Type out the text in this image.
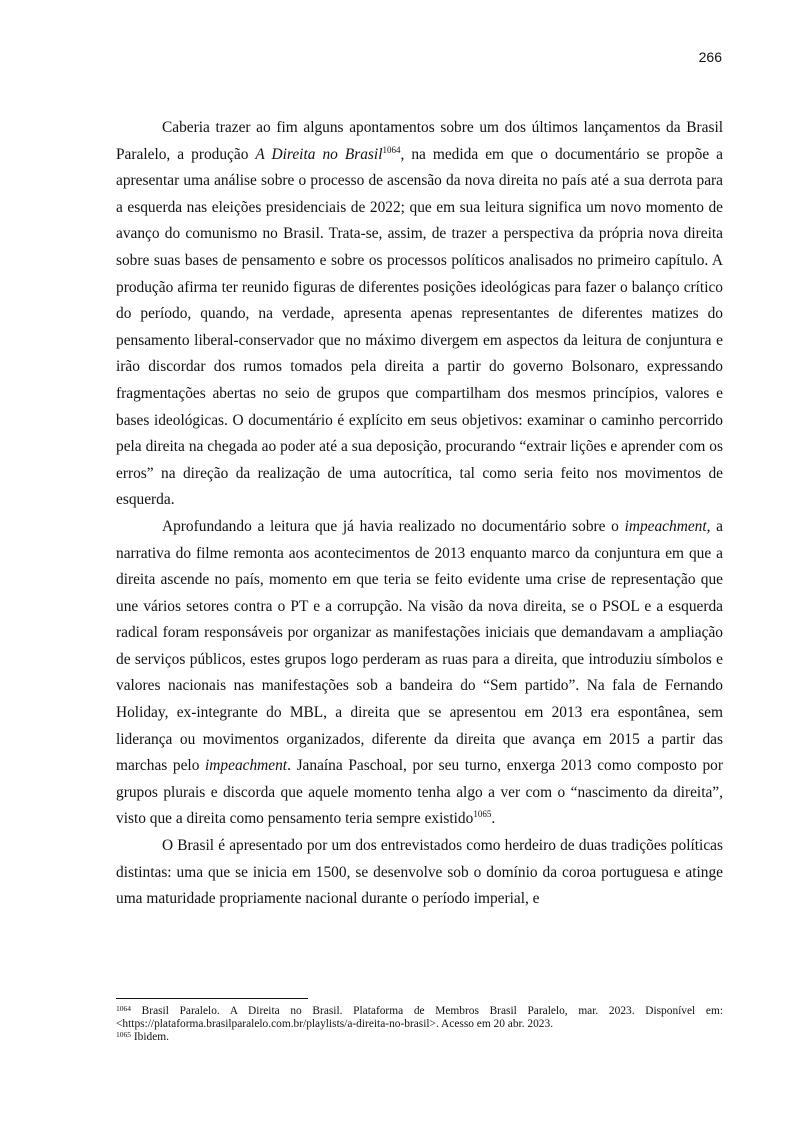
266

Caberia trazer ao fim alguns apontamentos sobre um dos últimos lançamentos da Brasil Paralelo, a produção A Direita no Brasil$^{1064}$, na medida em que o documentário se propõe a apresentar uma análise sobre o processo de ascensão da nova direita no país até a sua derrota para a esquerda nas eleições presidenciais de 2022; que em sua leitura significa um novo momento de avanço do comunismo no Brasil. Trata-se, assim, de trazer a perspectiva da própria nova direita sobre suas bases de pensamento e sobre os processos políticos analisados no primeiro capítulo. A produção afirma ter reunido figuras de diferentes posições ideológicas para fazer o balanço crítico do período, quando, na verdade, apresenta apenas representantes de diferentes matizes do pensamento liberal-conservador que no máximo divergem em aspectos da leitura de conjuntura e irão discordar dos rumos tomados pela direita a partir do governo Bolsonaro, expressando fragmentações abertas no seio de grupos que compartilham dos mesmos princípios, valores e bases ideológicas. O documentário é explícito em seus objetivos: examinar o caminho percorrido pela direita na chegada ao poder até a sua deposição, procurando “extrair lições e aprender com os erros” na direção da realização de uma autocrítica, tal como seria feito nos movimentos de esquerda.

Aprofundando a leitura que já havia realizado no documentário sobre o impeachment, a narrativa do filme remonta aos acontecimentos de 2013 enquanto marco da conjuntura em que a direita ascende no país, momento em que teria se feito evidente uma crise de representação que une vários setores contra o PT e a corrupção. Na visão da nova direita, se o PSOL e a esquerda radical foram responsáveis por organizar as manifestações iniciais que demandavam a ampliação de serviços públicos, estes grupos logo perderam as ruas para a direita, que introduziu símbolos e valores nacionais nas manifestações sob a bandeira do “Sem partido”. Na fala de Fernando Holiday, ex-integrante do MBL, a direita que se apresentou em 2013 era espontânea, sem liderança ou movimentos organizados, diferente da direita que avança em 2015 a partir das marchas pelo impeachment. Janaína Paschoal, por seu turno, enxerga 2013 como composto por grupos plurais e discorda que aquele momento tenha algo a ver com o “nascimento da direita”, visto que a direita como pensamento teria sempre existido$^{1065}$.

O Brasil é apresentado por um dos entrevistados como herdeiro de duas tradições políticas distintas: uma que se inicia em 1500, se desenvolve sob o domínio da coroa portuguesa e atinge uma maturidade propriamente nacional durante o período imperial, e

$^{1064}$ Brasil Paralelo. A Direita no Brasil. Plataforma de Membros Brasil Paralelo, mar. 2023. Disponível em: <https://plataforma.brasilparalelo.com.br/playlists/a-direita-no-brasil>. Acesso em 20 abr. 2023.

$^{1065}$ Ibidem.
